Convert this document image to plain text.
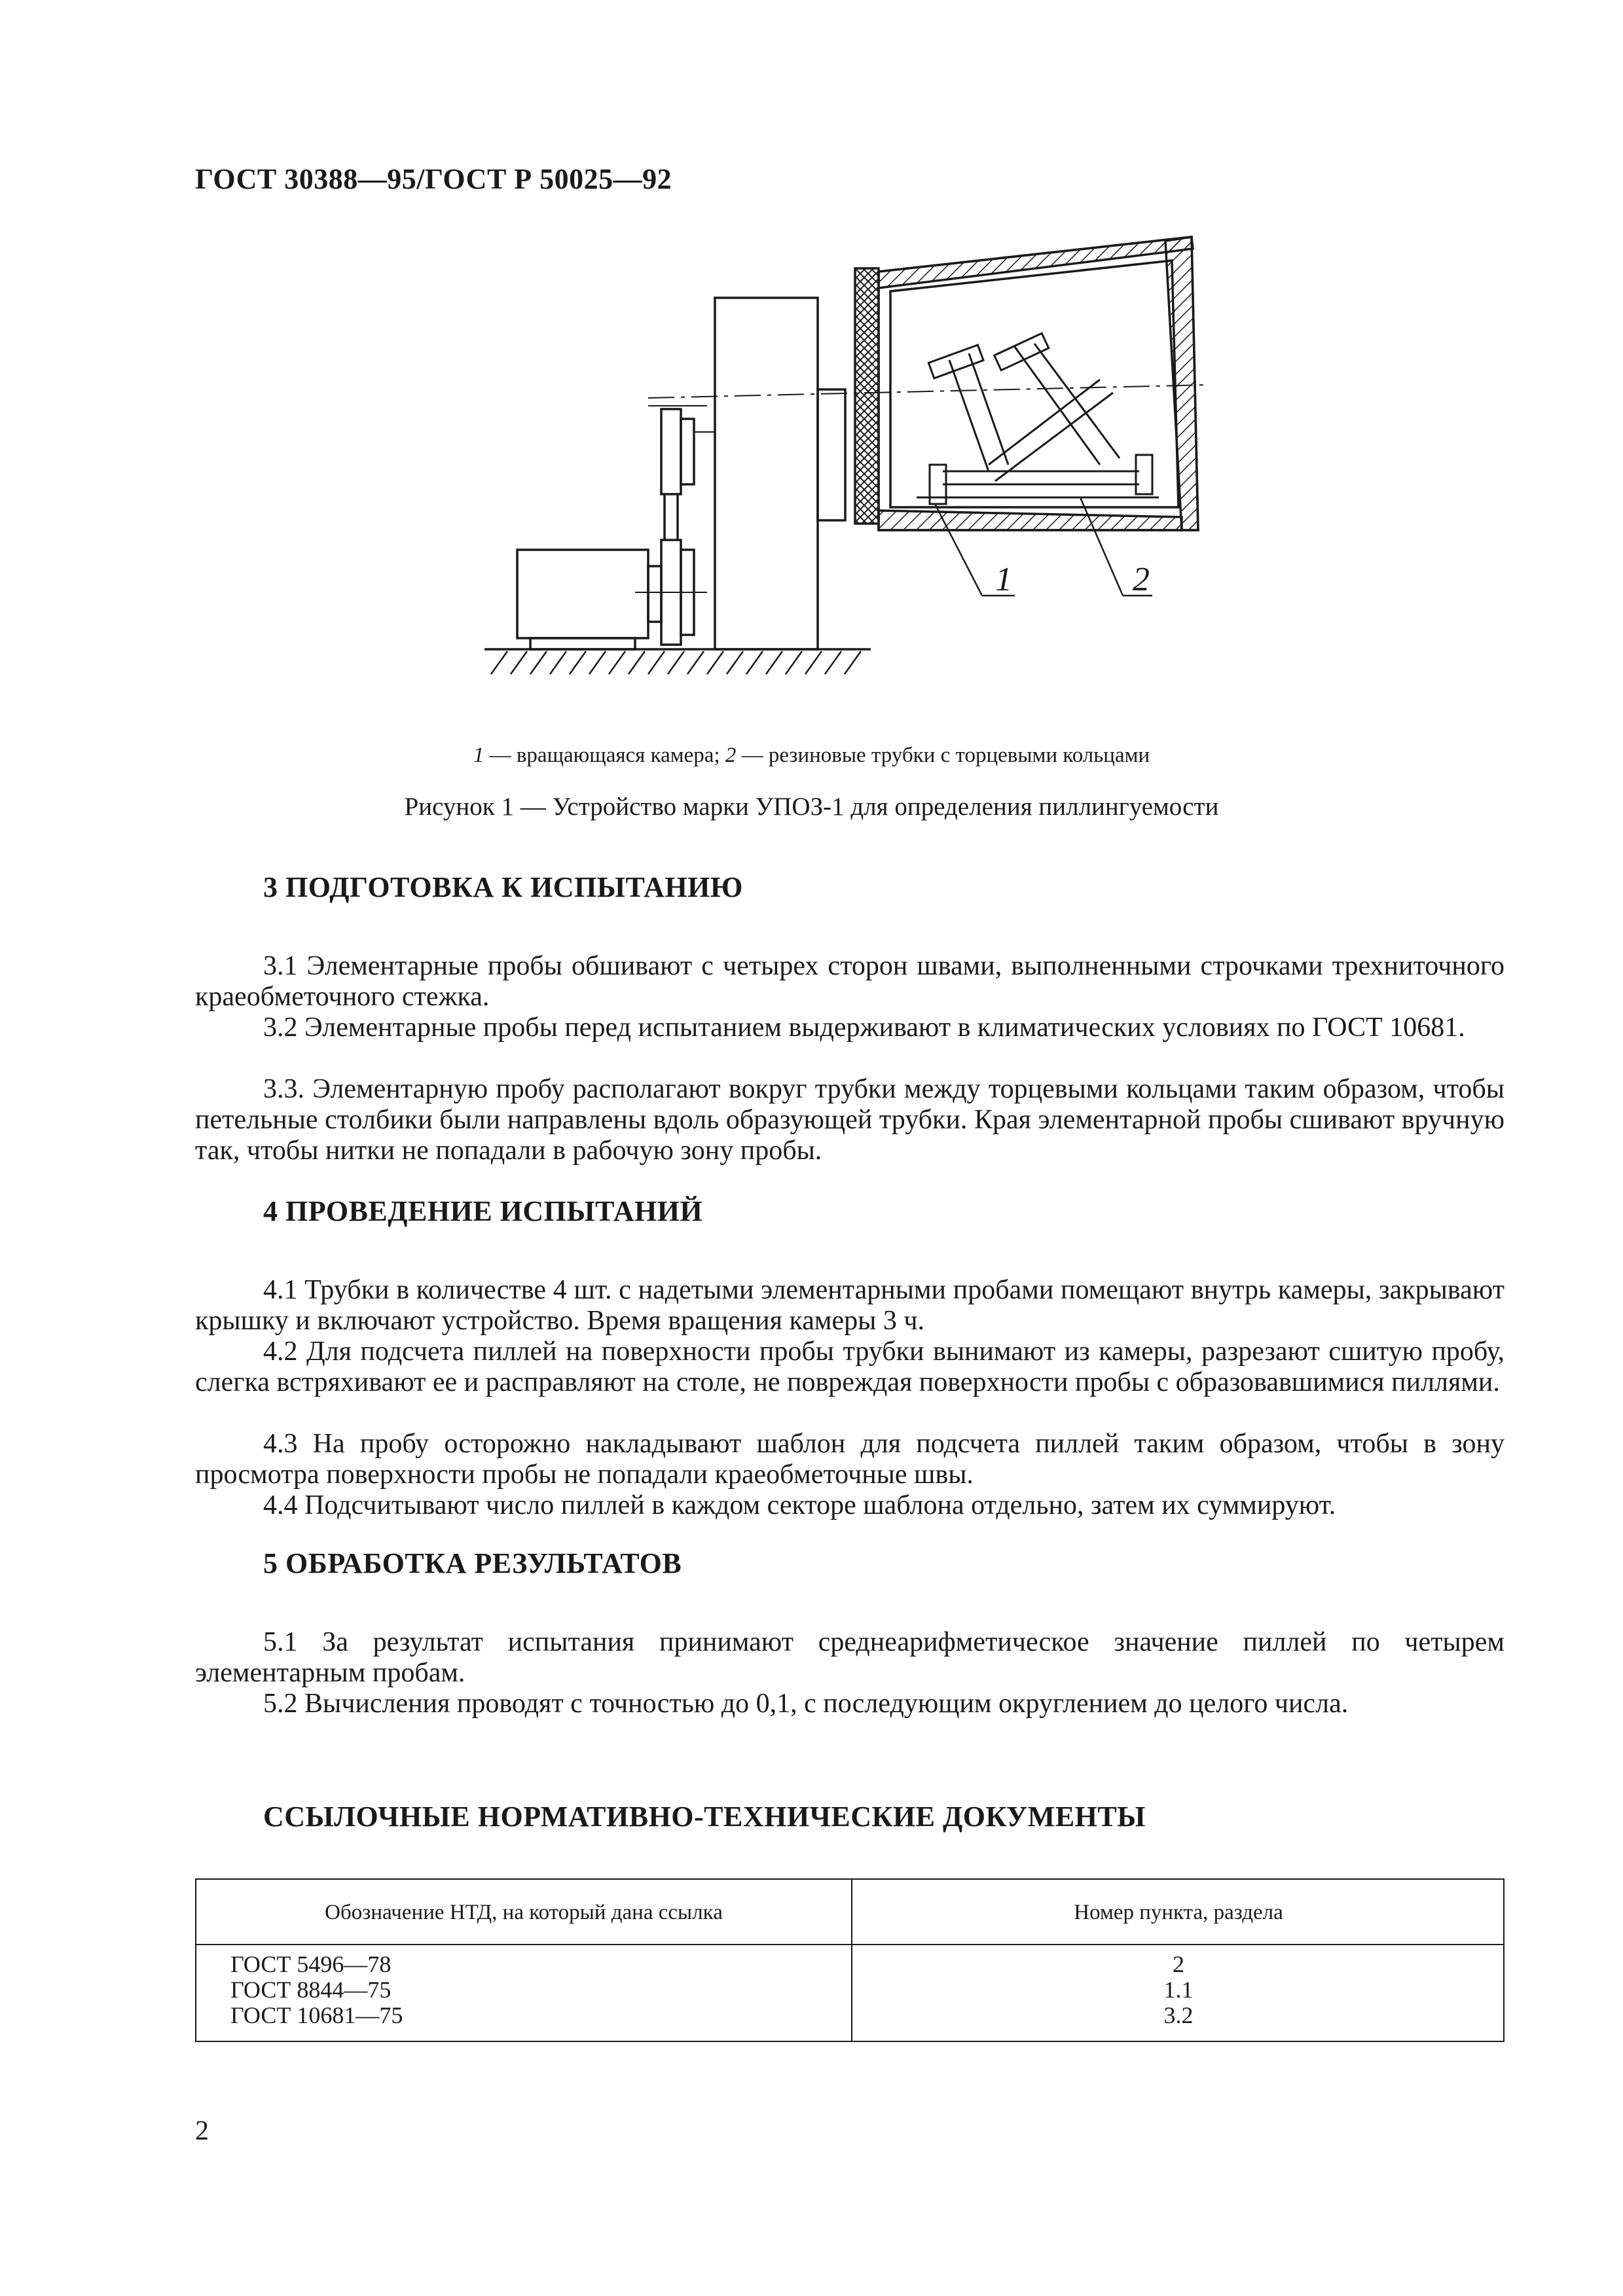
ГОСТ 30388—95/ГОСТ Р 50025—92
1	2
1 — вращающаяся камера; 2 — резиновые трубки с торцевыми кольцами
Рисунок 1 — Устройство марки УПОЗ-1 для определения пиллингуемости
3 ПОДГОТОВКА К ИСПЫТАНИЮ
3.1 Элементарные пробы обшивают с четырех сторон швами, выполненными строчками трехниточного краеобметочного стежка.
3.2 Элементарные пробы перед испытанием выдерживают в климатических условиях по ГОСТ 10681.
3.3. Элементарную пробу располагают вокруг трубки между торцевыми кольцами таким образом, чтобы петельные столбики были направлены вдоль образующей трубки. Края элементарной пробы сшивают вручную так, чтобы нитки не попадали в рабочую зону пробы.
4 ПРОВЕДЕНИЕ ИСПЫТАНИЙ
4.1 Трубки в количестве 4 шт. с надетыми элементарными пробами помещают внутрь камеры, закрывают крышку и включают устройство. Время вращения камеры 3 ч.
4.2 Для подсчета пиллей на поверхности пробы трубки вынимают из камеры, разрезают сшитую пробу, слегка встряхивают ее и расправляют на столе, не повреждая поверхности пробы с образовавшимися пиллями.
4.3 На пробу осторожно накладывают шаблон для подсчета пиллей таким образом, чтобы в зону просмотра поверхности пробы не попадали краеобметочные швы.
4.4 Подсчитывают число пиллей в каждом секторе шаблона отдельно, затем их суммируют.
5 ОБРАБОТКА РЕЗУЛЬТАТОВ
5.1 За результат испытания принимают среднеарифметическое значение пиллей по четырем элементарным пробам.
5.2 Вычисления проводят с точностью до 0,1, с последующим округлением до целого числа.
ССЫЛОЧНЫЕ НОРМАТИВНО-ТЕХНИЧЕСКИЕ ДОКУМЕНТЫ
Обозначение НТД, на который дана ссылка	Номер пункта, раздела
ГОСТ 5496—78
ГОСТ 8844—75
ГОСТ 10681—75
2
1.1
3.2
2
